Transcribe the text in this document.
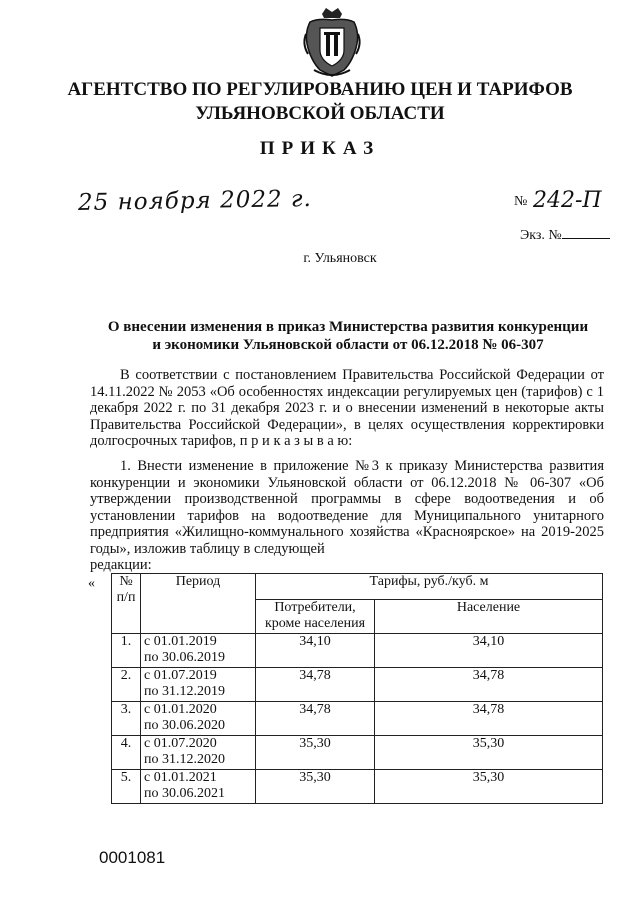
АГЕНТСТВО ПО РЕГУЛИРОВАНИЮ ЦЕН И ТАРИФОВ
УЛЬЯНОВСКОЙ ОБЛАСТИ
ПРИКАЗ
25 ноября 2022 г.	№ 242-П
Экз. №
г. Ульяновск
О внесении изменения в приказ Министерства развития конкуренции
и экономики Ульяновской области от 06.12.2018 № 06-307
В соответствии с постановлением Правительства Российской Федерации от 14.11.2022 № 2053 «Об особенностях индексации регулируемых цен (тарифов) с 1 декабря 2022 г. по 31 декабря 2023 г. и о внесении изменений в некоторые акты Правительства Российской Федерации», в целях осуществления корректировки долгосрочных тарифов, п р и к а з ы в а ю:
1. Внести изменение в приложение №3 к приказу Министерства развития конкуренции и экономики Ульяновской области от 06.12.2018 № 06-307 «Об утверждении производственной программы в сфере водоотведения и об установлении тарифов на водоотведение для Муниципального унитарного предприятия «Жилищно-коммунального хозяйства «Красноярское» на 2019-2025 годы», изложив таблицу в следующей
редакции:
«	№
п/п	Период	Тарифы, руб./куб. м	
		Потребители, кроме населения	Население
1.	с 01.01.2019
по 30.06.2019	34,10	34,10
2.	с 01.07.2019
по 31.12.2019	34,78	34,78
3.	с 01.01.2020
по 30.06.2020	34,78	34,78
4.	с 01.07.2020
по 31.12.2020	35,30	35,30
5.	с 01.01.2021
по 30.06.2021	35,30	35,30
0001081
